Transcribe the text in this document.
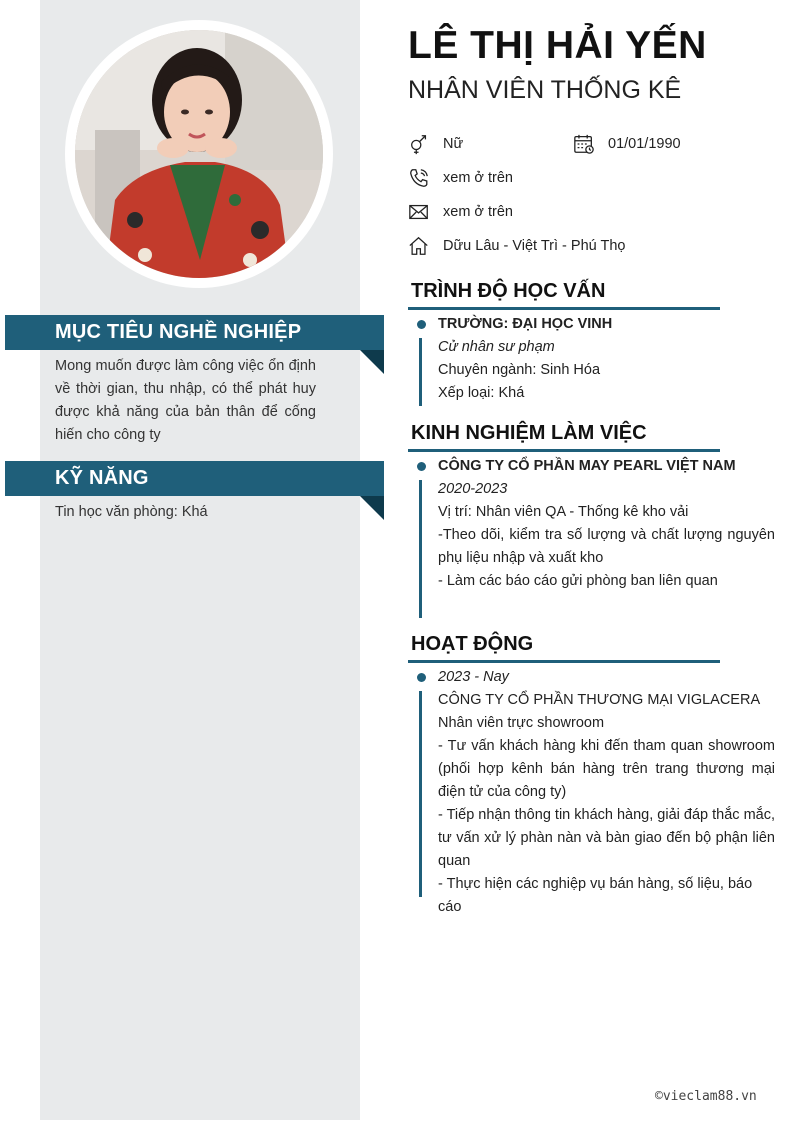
MỤC TIÊU NGHỀ NGHIỆP
Mong muốn được làm công việc ổn định về thời gian, thu nhập, có thể phát huy được khả năng của bản thân để cống hiến cho công ty
KỸ NĂNG
Tin học văn phòng: Khá
LÊ THỊ HẢI YẾN
NHÂN VIÊN THỐNG KÊ
Nữ	01/01/1990
xem ở trên
xem ở trên
Dữu Lâu - Việt Trì - Phú Thọ
TRÌNH ĐỘ HỌC VẤN
TRƯỜNG: ĐẠI HỌC VINH
Cử nhân sư phạm
Chuyên ngành: Sinh Hóa
Xếp loại: Khá
KINH NGHIỆM LÀM VIỆC
CÔNG TY CỔ PHẦN MAY PEARL VIỆT NAM
2020-2023
Vị trí: Nhân viên QA - Thống kê kho vải
-Theo dõi, kiểm tra số lượng và chất lượng nguyên phụ liệu nhập và xuất kho
- Làm các báo cáo gửi phòng ban liên quan
HOẠT ĐỘNG
2023 - Nay
CÔNG TY CỔ PHẦN THƯƠNG MẠI VIGLACERA
Nhân viên trực showroom
- Tư vấn khách hàng khi đến tham quan showroom (phối hợp kênh bán hàng trên trang thương mại điện tử của công ty)
- Tiếp nhận thông tin khách hàng, giải đáp thắc mắc, tư vấn xử lý phàn nàn và bàn giao đến bộ phận liên quan
- Thực hiện các nghiệp vụ bán hàng, số liệu, báo cáo
©vieclam88.vn
